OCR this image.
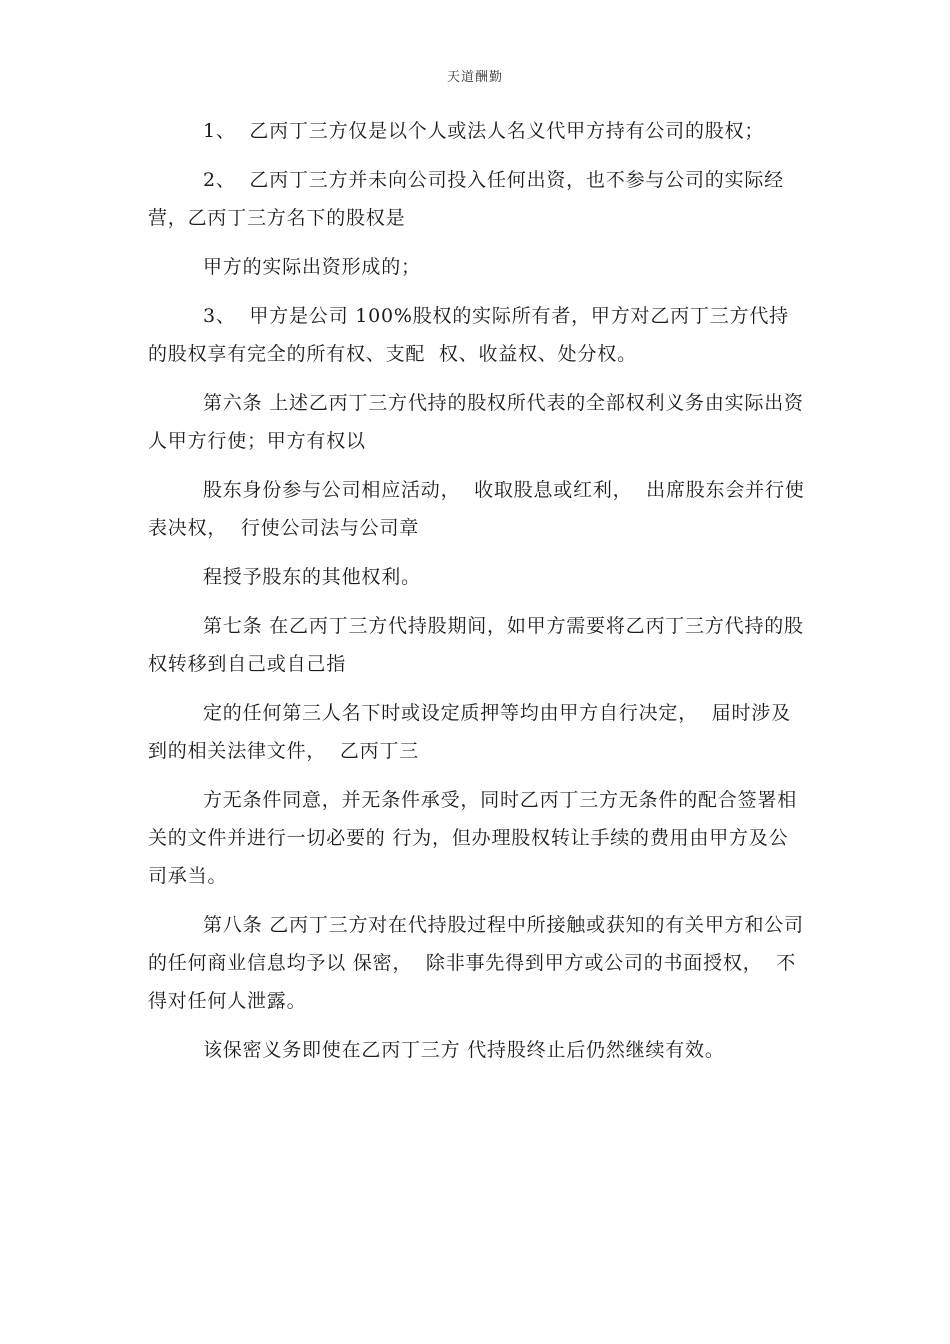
天道酬勤

1、  乙丙丁三方仅是以个人或法人名义代甲方持有公司的股权；

2、  乙丙丁三方并未向公司投入任何出资，也不参与公司的实际经营，乙丙丁三方名下的股权是

甲方的实际出资形成的；

3、  甲方是公司 100%股权的实际所有者，甲方对乙丙丁三方代持的股权享有完全的所有权、支配  权、收益权、处分权。

第六条 上述乙丙丁三方代持的股权所代表的全部权利义务由实际出资人甲方行使；甲方有权以

股东身份参与公司相应活动，  收取股息或红利，  出席股东会并行使表决权，  行使公司法与公司章

程授予股东的其他权利。

第七条 在乙丙丁三方代持股期间，如甲方需要将乙丙丁三方代持的股权转移到自己或自己指

定的任何第三人名下时或设定质押等均由甲方自行决定，  届时涉及到的相关法律文件，  乙丙丁三

方无条件同意，并无条件承受，同时乙丙丁三方无条件的配合签署相关的文件并进行一切必要的 行为，但办理股权转让手续的费用由甲方及公司承当。

第八条 乙丙丁三方对在代持股过程中所接触或获知的有关甲方和公司的任何商业信息均予以 保密，  除非事先得到甲方或公司的书面授权，  不得对任何人泄露。

该保密义务即使在乙丙丁三方 代持股终止后仍然继续有效。
